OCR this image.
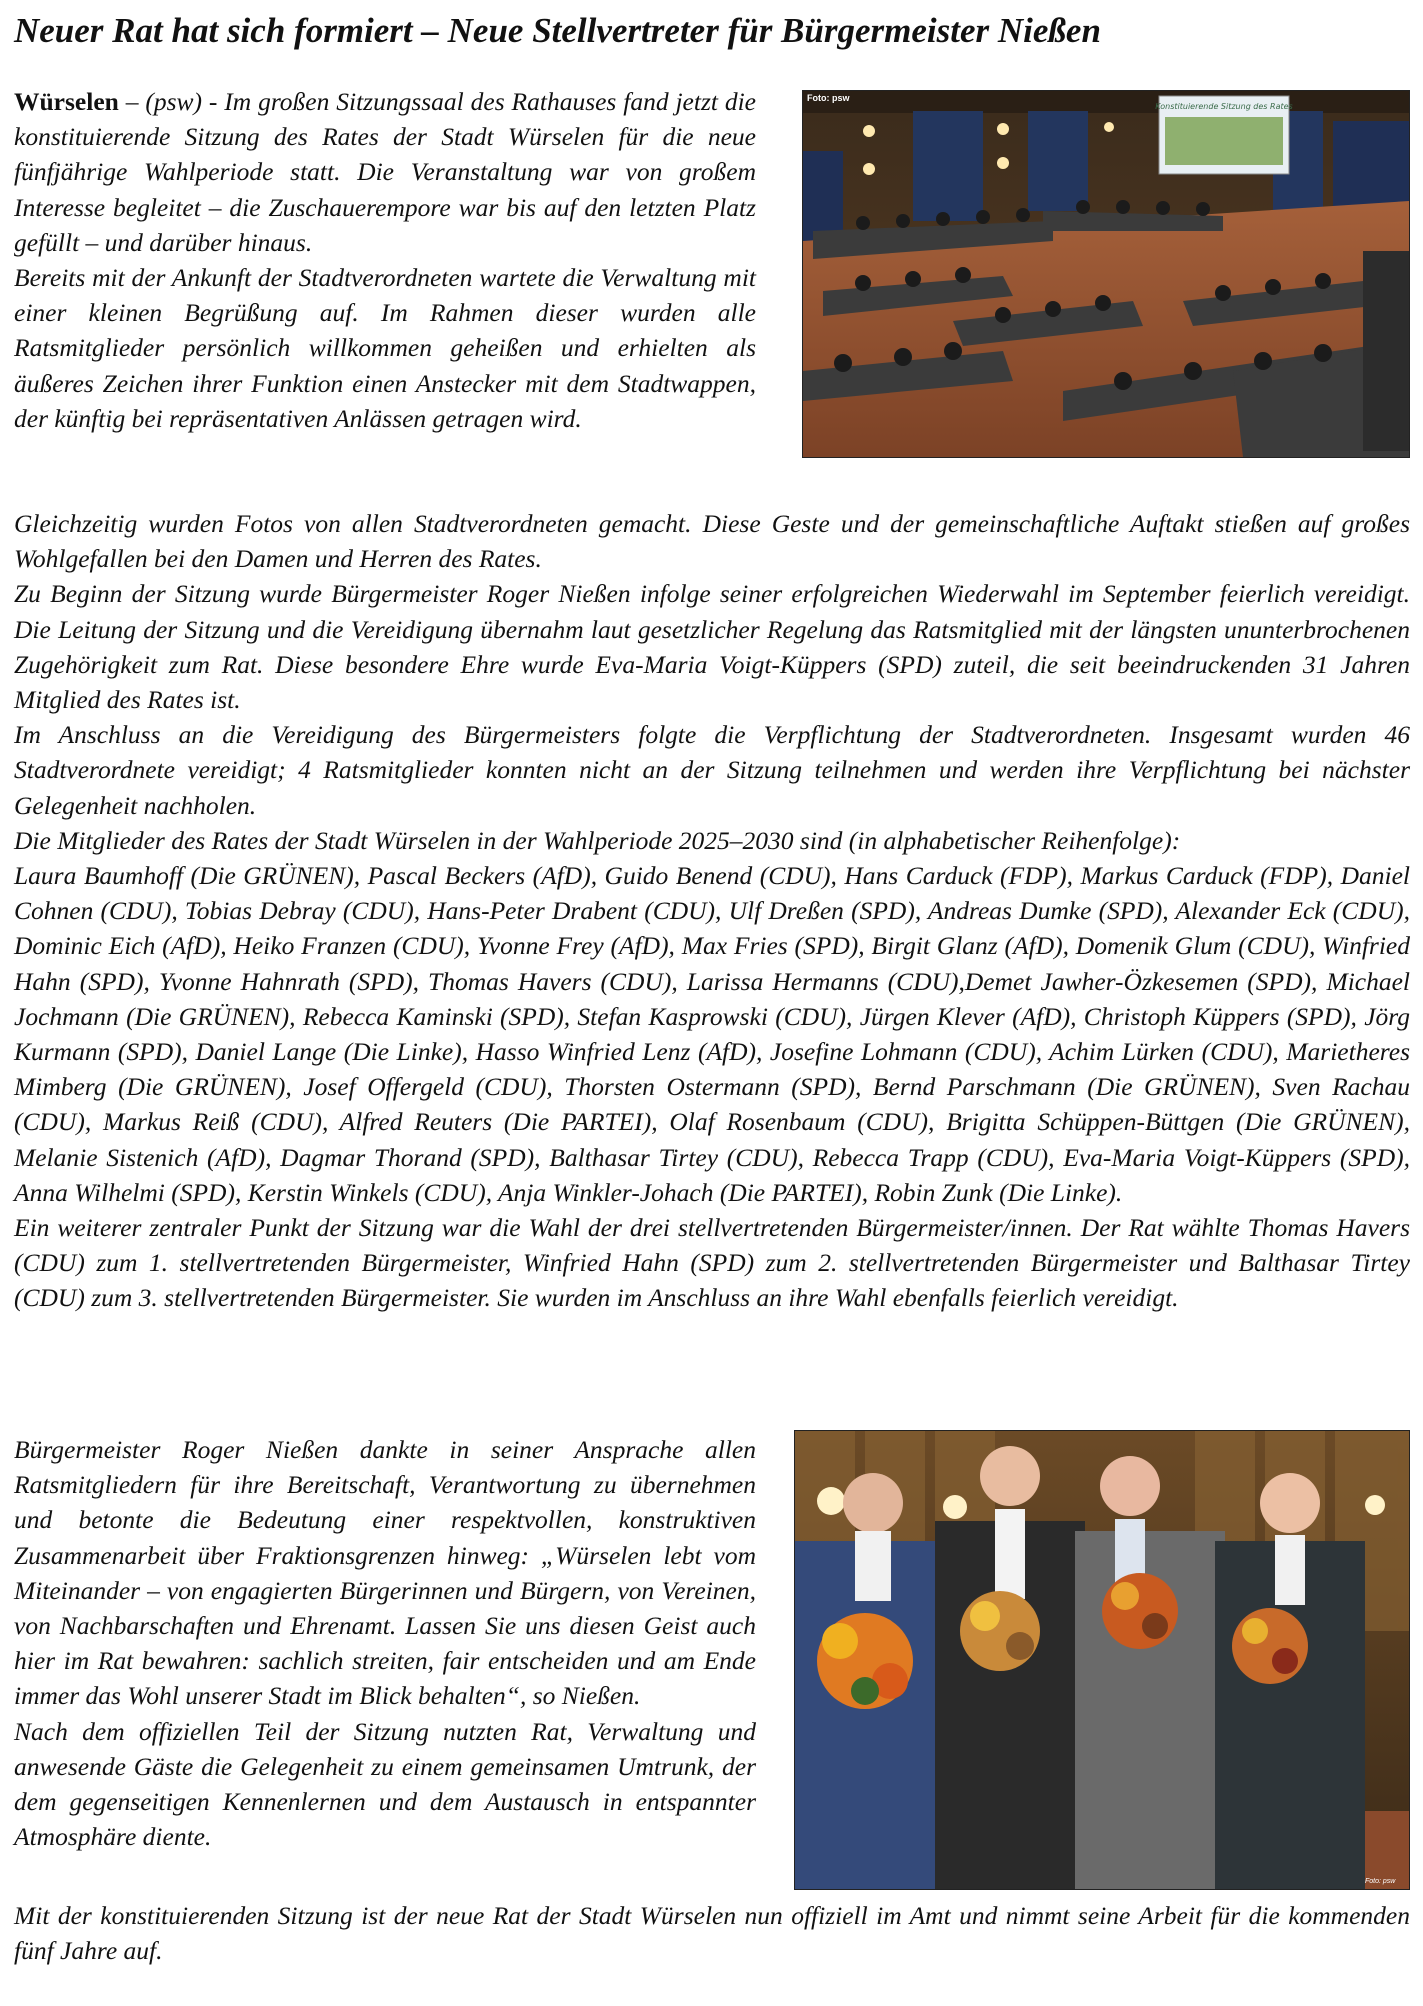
Neuer Rat hat sich formiert – Neue Stellvertreter für Bürgermeister Nießen

Würselen – (psw) - Im großen Sitzungssaal des Rathauses fand jetzt die konstituierende Sitzung des Rates der Stadt Würselen für die neue fünfjährige Wahlperiode statt. Die Veranstaltung war von großem Interesse begleitet – die Zuschauerempore war bis auf den letzten Platz gefüllt – und darüber hinaus.

Bereits mit der Ankunft der Stadtverordneten wartete die Verwaltung mit einer kleinen Begrüßung auf. Im Rahmen dieser wurden alle Ratsmitglieder persönlich willkommen geheißen und erhielten als äußeres Zeichen ihrer Funktion einen Anstecker mit dem Stadtwappen, der künftig bei repräsentativen Anlässen getragen wird.

Konstituierende Sitzung des Rates
Foto: psw

Gleichzeitig wurden Fotos von allen Stadtverordneten gemacht. Diese Geste und der gemeinschaftliche Auftakt stießen auf großes Wohlgefallen bei den Damen und Herren des Rates.

Zu Beginn der Sitzung wurde Bürgermeister Roger Nießen infolge seiner erfolgreichen Wiederwahl im September feierlich vereidigt. Die Leitung der Sitzung und die Vereidigung übernahm laut gesetzlicher Regelung das Ratsmitglied mit der längsten ununterbrochenen Zugehörigkeit zum Rat. Diese besondere Ehre wurde Eva-Maria Voigt-Küppers (SPD) zuteil, die seit beeindruckenden 31 Jahren Mitglied des Rates ist.

Im Anschluss an die Vereidigung des Bürgermeisters folgte die Verpflichtung der Stadtverordneten. Insgesamt wurden 46 Stadtverordnete vereidigt; 4 Ratsmitglieder konnten nicht an der Sitzung teilnehmen und werden ihre Verpflichtung bei nächster Gelegenheit nachholen.

Die Mitglieder des Rates der Stadt Würselen in der Wahlperiode 2025–2030 sind (in alphabetischer Reihenfolge):

Laura Baumhoff (Die GRÜNEN), Pascal Beckers (AfD), Guido Benend (CDU), Hans Carduck (FDP), Markus Carduck (FDP), Daniel Cohnen (CDU), Tobias Debray (CDU), Hans-Peter Drabent (CDU), Ulf Dreßen (SPD), Andreas Dumke (SPD), Alexander Eck (CDU), Dominic Eich (AfD), Heiko Franzen (CDU), Yvonne Frey (AfD), Max Fries (SPD), Birgit Glanz (AfD), Domenik Glum (CDU), Winfried Hahn (SPD), Yvonne Hahnrath (SPD), Thomas Havers (CDU), Larissa Hermanns (CDU),Demet Jawher-Özkesemen (SPD), Michael Jochmann (Die GRÜNEN), Rebecca Kaminski (SPD), Stefan Kasprowski (CDU), Jürgen Klever (AfD), Christoph Küppers (SPD), Jörg Kurmann (SPD), Daniel Lange (Die Linke), Hasso Winfried Lenz (AfD), Josefine Lohmann (CDU), Achim Lürken (CDU), Marietheres Mimberg (Die GRÜNEN), Josef Offergeld (CDU), Thorsten Ostermann (SPD), Bernd Parschmann (Die GRÜNEN), Sven Rachau (CDU), Markus Reiß (CDU), Alfred Reuters (Die PARTEI), Olaf Rosenbaum (CDU), Brigitta Schüppen-Büttgen (Die GRÜNEN), Melanie Sistenich (AfD), Dagmar Thorand (SPD), Balthasar Tirtey (CDU), Rebecca Trapp (CDU), Eva-Maria Voigt-Küppers (SPD), Anna Wilhelmi (SPD), Kerstin Winkels (CDU), Anja Winkler-Johach (Die PARTEI), Robin Zunk (Die Linke).

Ein weiterer zentraler Punkt der Sitzung war die Wahl der drei stellvertretenden Bürgermeister/innen. Der Rat wählte Thomas Havers (CDU) zum 1. stellvertretenden Bürgermeister, Winfried Hahn (SPD) zum 2. stellvertretenden Bürgermeister und Balthasar Tirtey (CDU) zum 3. stellvertretenden Bürgermeister. Sie wurden im Anschluss an ihre Wahl ebenfalls feierlich vereidigt.

Bürgermeister Roger Nießen dankte in seiner Ansprache allen Ratsmitgliedern für ihre Bereitschaft, Verantwortung zu übernehmen und betonte die Bedeutung einer respektvollen, konstruktiven Zusammenarbeit über Fraktionsgrenzen hinweg: „Würselen lebt vom Miteinander – von engagierten Bürgerinnen und Bürgern, von Vereinen, von Nachbarschaften und Ehrenamt. Lassen Sie uns diesen Geist auch hier im Rat bewahren: sachlich streiten, fair entscheiden und am Ende immer das Wohl unserer Stadt im Blick behalten“, so Nießen.

Nach dem offiziellen Teil der Sitzung nutzten Rat, Verwaltung und anwesende Gäste die Gelegenheit zu einem gemeinsamen Umtrunk, der dem gegenseitigen Kennenlernen und dem Austausch in entspannter Atmosphäre diente.

Foto: psw

Mit der konstituierenden Sitzung ist der neue Rat der Stadt Würselen nun offiziell im Amt und nimmt seine Arbeit für die kommenden fünf Jahre auf.
